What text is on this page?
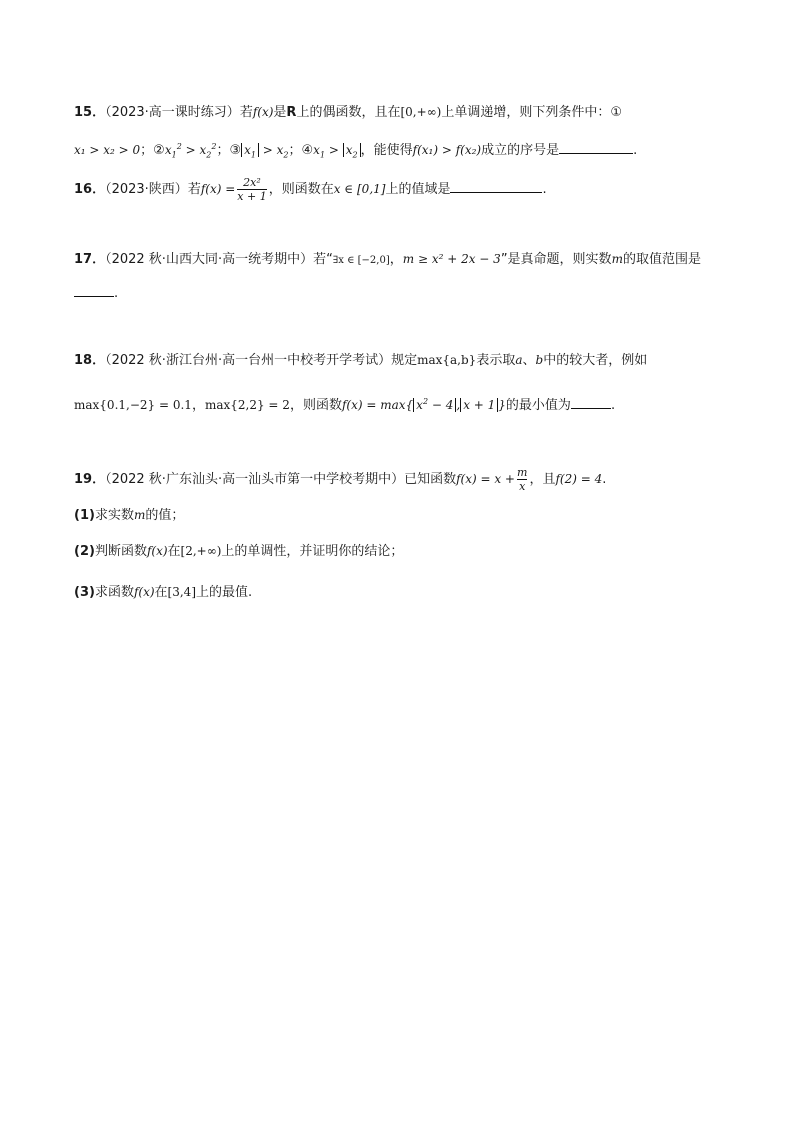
15．（2023·高一课时练习）若f(x)是R上的偶函数，且在[0,+∞)上单调递增，则下列条件中：①
x₁ > x₂ > 0；$②x_1^2 > x_2^2$；③ $x_1 > x_2$；$④x_1 > x_2$ ，能使得f(x₁) > f(x₂)成立的序号是	.
16．（2023·陕西）若$f(x) = \frac{\text{2x²}}{x + 1}$ ，则函数在x ∈ [0,1]上的值域是	.
17．（2022 秋·山西大同·高一统考期中）若“∃x ∈ [−2,0]，m ≥ x² + 2x − 3”是真命题，则实数m的取值范围是
.
18．（2022 秋·浙江台州·高一台州一中校考开学考试）规定max{a,b}表示取a、b中的较大者，例如
max{0.1,−2} = 0.1，max{2,2} = 2，则函数f(x) = max{ $x^2 - 4$ , x + 1 }的最小值为	.
19．（2022 秋·广东汕头·高一汕头市第一中学校考期中）已知函数$f(x) = x + \frac{m}{x}$ ，且f(2) = 4.
(1)求实数m的值；
(2)判断函数f(x)在[2,+∞)上的单调性，并证明你的结论；
(3)求函数f(x)在[3,4]上的最值.
